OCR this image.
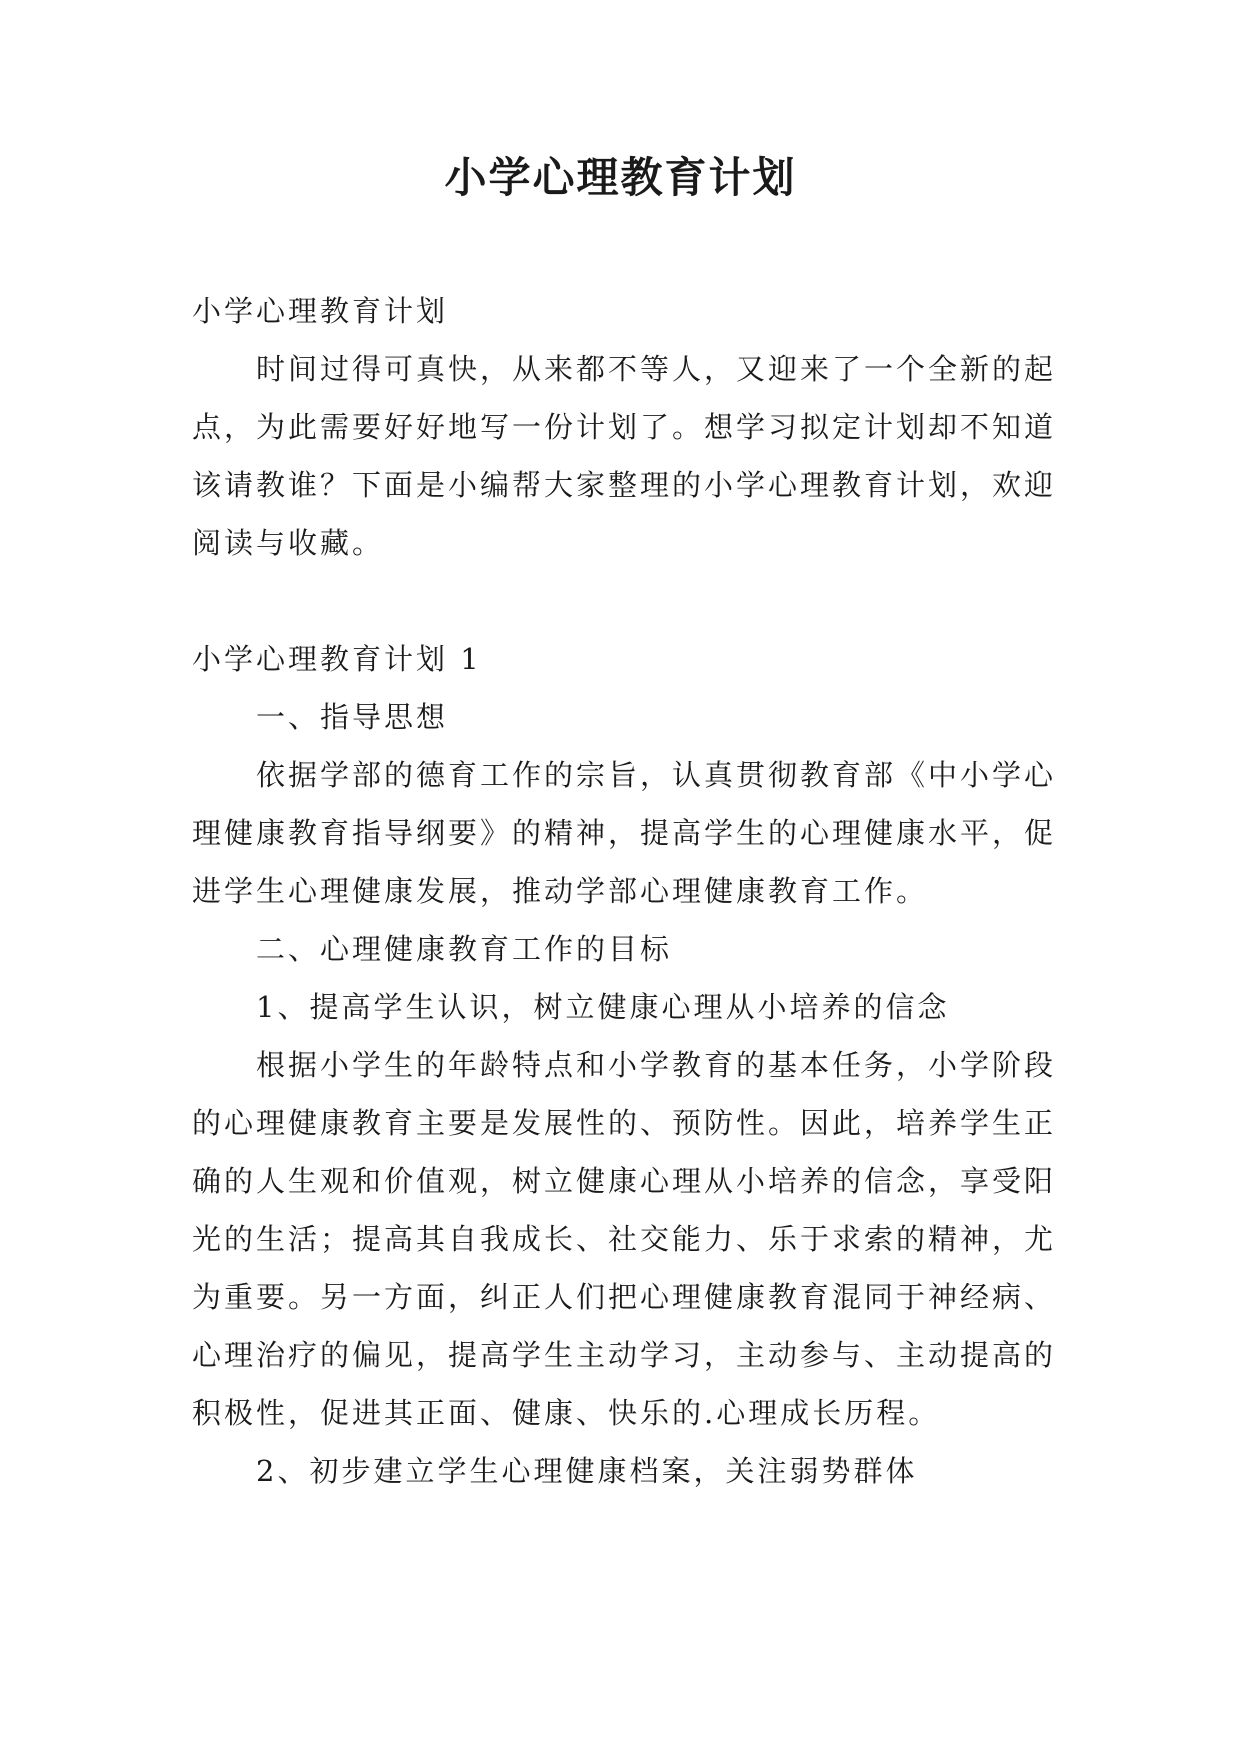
小学心理教育计划

小学心理教育计划

时间过得可真快，从来都不等人，又迎来了一个全新的起点，为此需要好好地写一份计划了。想学习拟定计划却不知道该请教谁？下面是小编帮大家整理的小学心理教育计划，欢迎阅读与收藏。

小学心理教育计划 1

一、指导思想

依据学部的德育工作的宗旨，认真贯彻教育部《中小学心理健康教育指导纲要》的精神，提高学生的心理健康水平，促进学生心理健康发展，推动学部心理健康教育工作。

二、心理健康教育工作的目标

1、提高学生认识，树立健康心理从小培养的信念

根据小学生的年龄特点和小学教育的基本任务，小学阶段的心理健康教育主要是发展性的、预防性。因此，培养学生正确的人生观和价值观，树立健康心理从小培养的信念，享受阳光的生活；提高其自我成长、社交能力、乐于求索的精神，尤为重要。另一方面，纠正人们把心理健康教育混同于神经病、心理治疗的偏见，提高学生主动学习，主动参与、主动提高的积极性，促进其正面、健康、快乐的.心理成长历程。

2、初步建立学生心理健康档案，关注弱势群体
